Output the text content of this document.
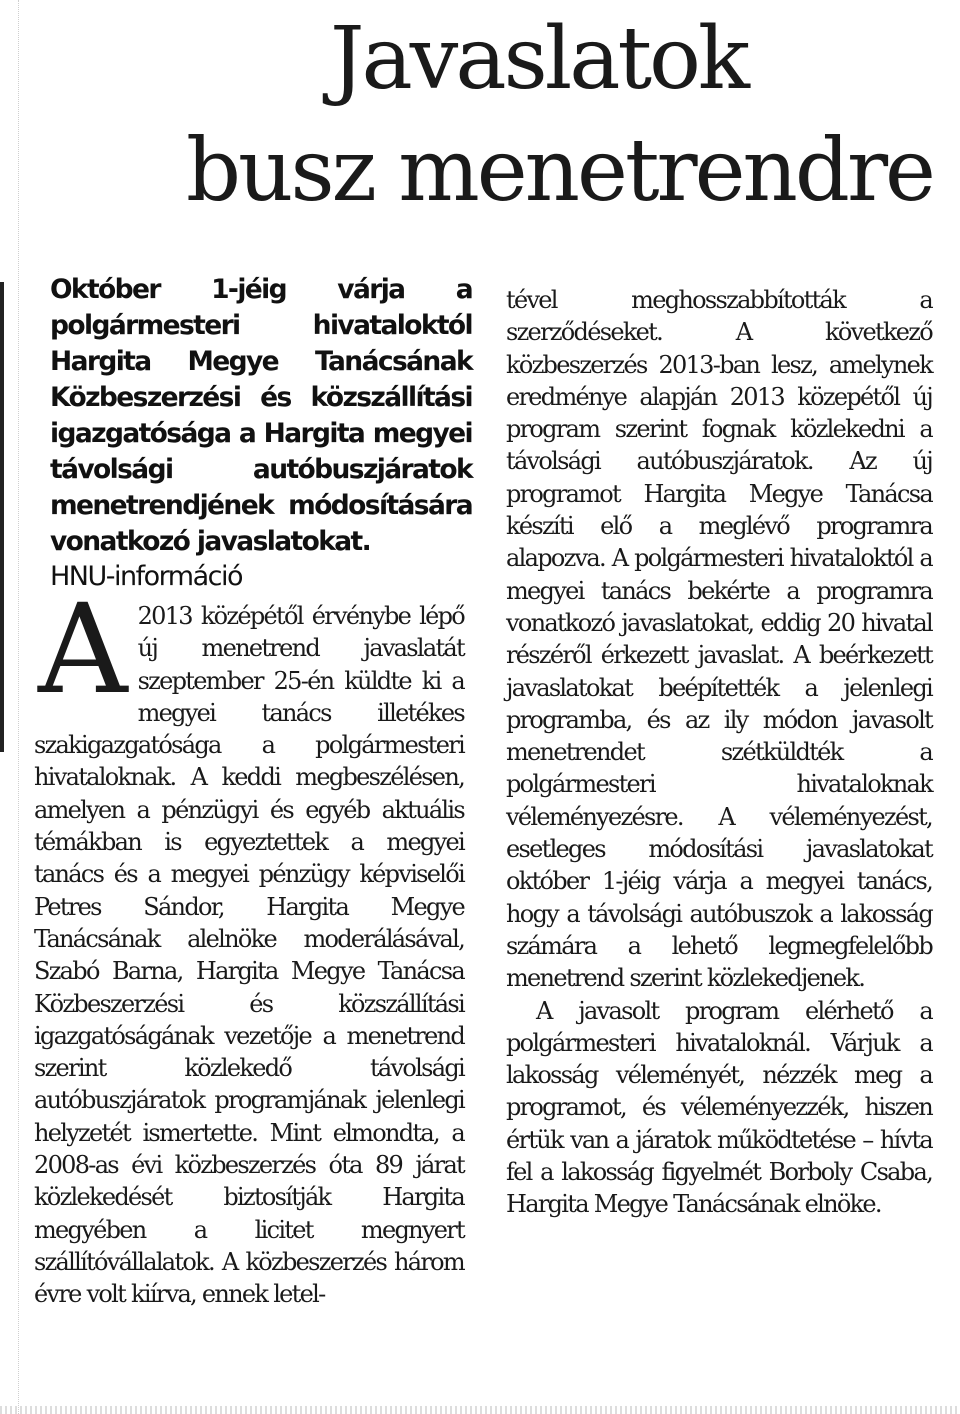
Javaslatok
busz menetrendre

Október 1-jéig várja a polgármesteri hivataloktól Hargita Megye Tanácsának Közbeszerzési és közszállítási igazgatósága a Hargita megyei távolsági autóbuszjáratok menetrendjének módosítására vonatkozó javaslatokat.

HNU-információ

A 2013 középétől érvénybe lépő új menetrend javaslatát szeptember 25-én küldte ki a megyei tanács illetékes szakigazgatósága a polgármesteri hivataloknak. A keddi megbeszélésen, amelyen a pénzügyi és egyéb aktuális témákban is egyeztettek a megyei tanács és a megyei pénzügy képviselői Petres Sándor, Hargita Megye Tanácsának alelnöke moderálásával, Szabó Barna, Hargita Megye Tanácsa Közbeszerzési és közszállítási igazgatóságának vezetője a menetrend szerint közlekedő távolsági autóbuszjáratok programjának jelenlegi helyzetét ismertette. Mint elmondta, a 2008-as évi közbeszerzés óta 89 járat közlekedését biztosítják Hargita megyében a licitet megnyert szállítóvállalatok. A közbeszerzés három évre volt kiírva, ennek letel-
tével meghosszabbították a szerződéseket. A következő közbeszerzés 2013-ban lesz, amelynek eredménye alapján 2013 közepétől új program szerint fognak közlekedni a távolsági autóbuszjáratok. Az új programot Hargita Megye Tanácsa készíti elő a meglévő programra alapozva. A polgármesteri hivataloktól a megyei tanács bekérte a programra vonatkozó javaslatokat, eddig 20 hivatal részéről érkezett javaslat. A beérkezett javaslatokat beépítették a jelenlegi programba, és az ily módon javasolt menetrendet szétküldték a polgármesteri hivataloknak véleményezésre. A véleményezést, esetleges módosítási javaslatokat október 1-jéig várja a megyei tanács, hogy a távolsági autóbuszok a lakosság számára a lehető legmegfelelőbb menetrend szerint közlekedjenek.
A javasolt program elérhető a polgármesteri hivataloknál. Várjuk a lakosság véleményét, nézzék meg a programot, és véleményezzék, hiszen értük van a járatok működtetése – hívta fel a lakosság figyelmét Borboly Csaba, Hargita Megye Tanácsának elnöke.
